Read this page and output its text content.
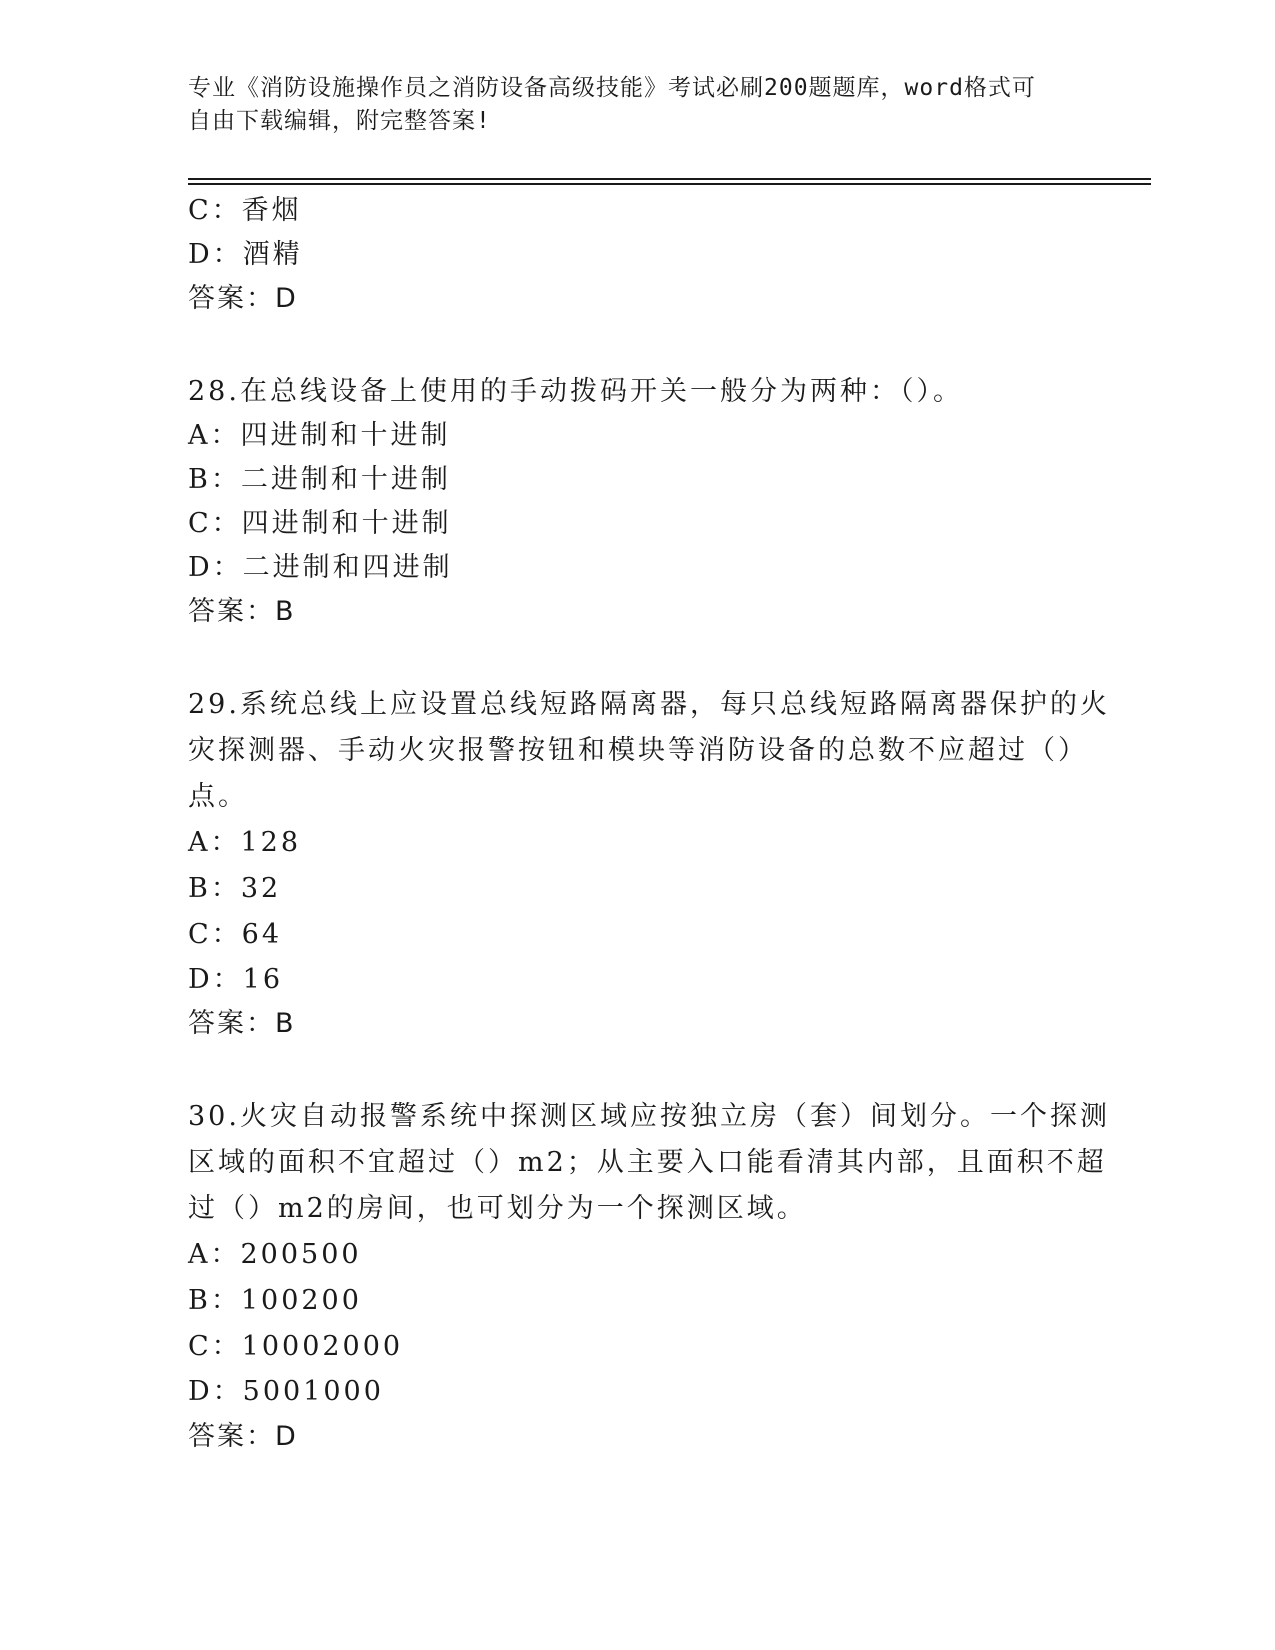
专业《消防设施操作员之消防设备高级技能》考试必刷200题题库，word格式可
自由下载编辑，附完整答案!
C：香烟
D：酒精
答案：D
28.在总线设备上使用的手动拨码开关一般分为两种：（）。
A：四进制和十进制
B：二进制和十进制
C：四进制和十进制
D：二进制和四进制
答案：B
29.系统总线上应设置总线短路隔离器，每只总线短路隔离器保护的火
灾探测器、手动火灾报警按钮和模块等消防设备的总数不应超过（）
点。
A：128
B：32
C：64
D：16
答案：B
30.火灾自动报警系统中探测区域应按独立房（套）间划分。一个探测
区域的面积不宜超过（）m2；从主要入口能看清其内部，且面积不超
过（）m2的房间，也可划分为一个探测区域。
A：200500
B：100200
C：10002000
D：5001000
答案：D
